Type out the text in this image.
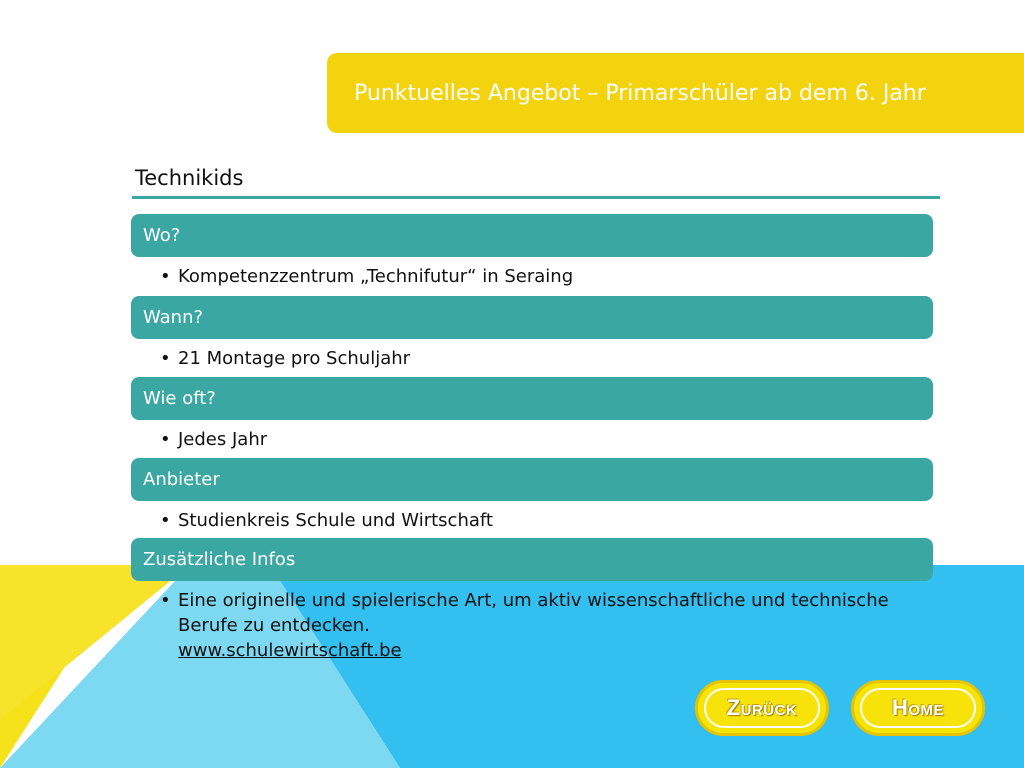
Punktuelles Angebot – Primarschüler ab dem 6. Jahr
Technikids
Wo?
• Kompetenzzentrum „Technifutur“ in Seraing
Wann?
• 21 Montage pro Schuljahr
Wie oft?
• Jedes Jahr
Anbieter
• Studienkreis Schule und Wirtschaft
Zusätzliche Infos
• Eine originelle und spielerische Art, um aktiv wissenschaftliche und technische Berufe zu entdecken.
www.schulewirtschaft.be
Zurück	Home
